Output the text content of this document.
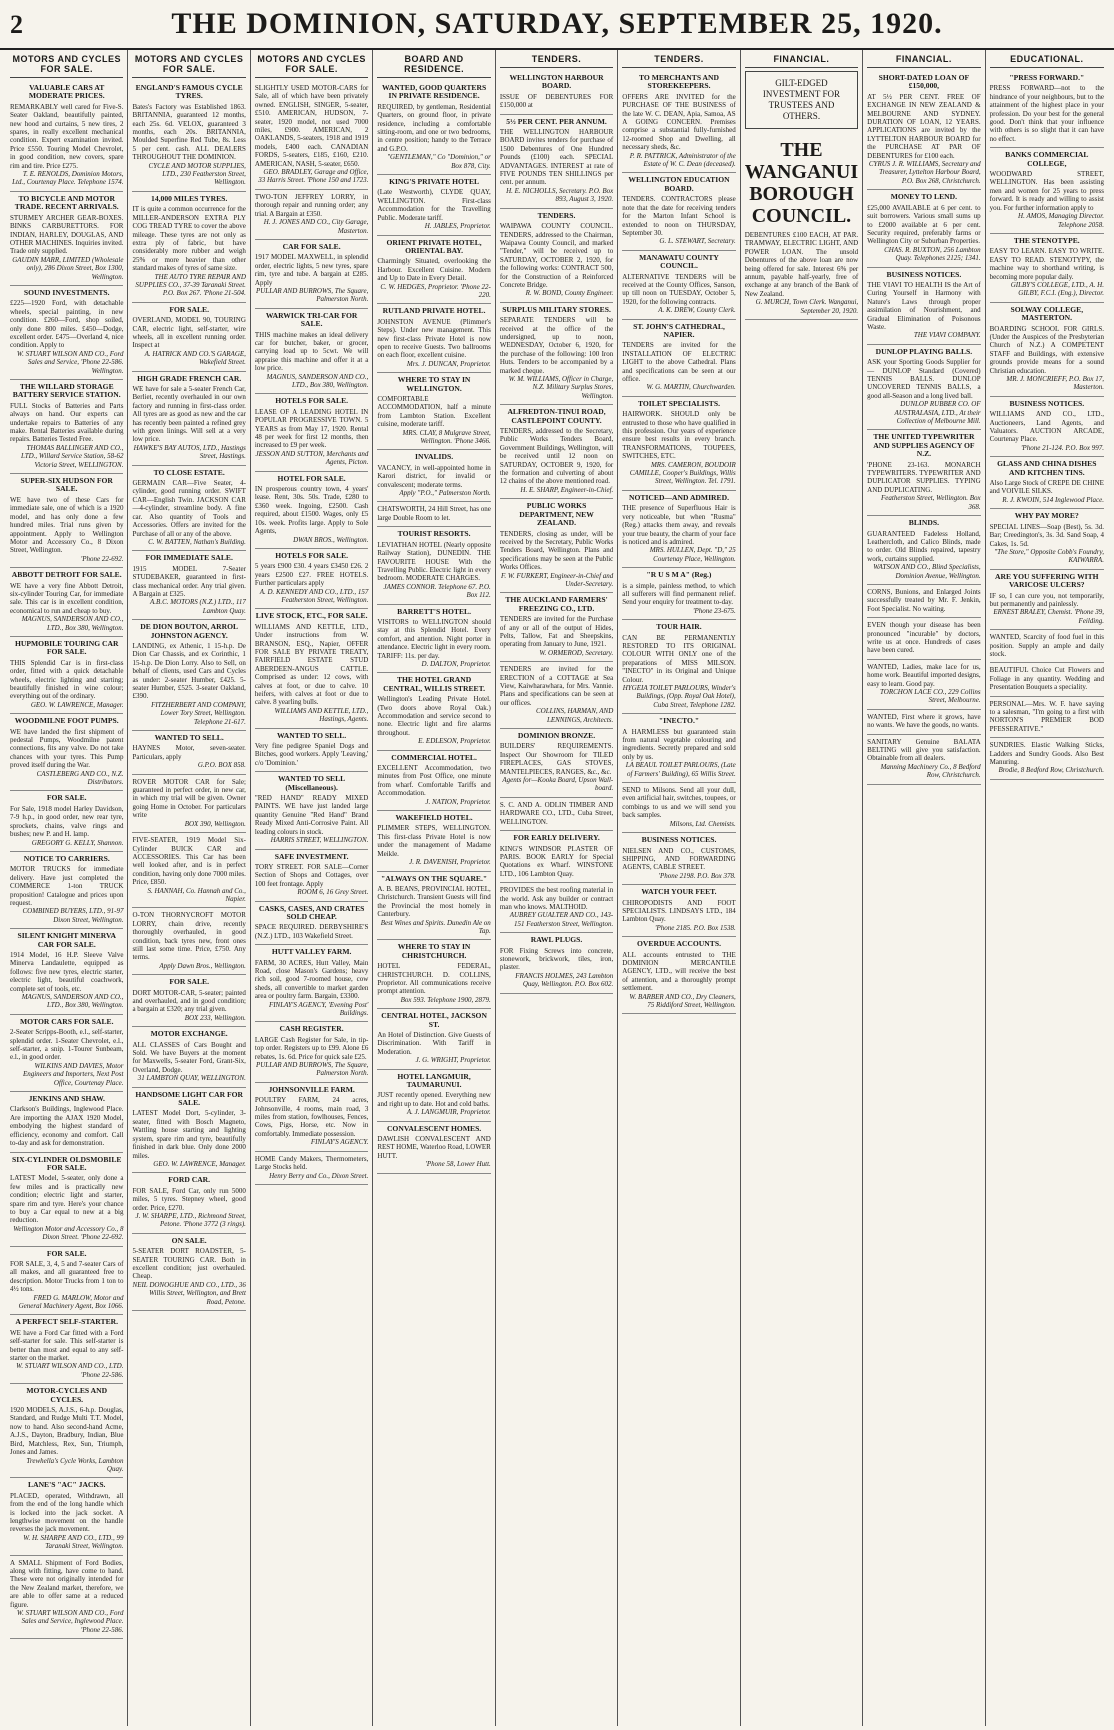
2	THE DOMINION, SATURDAY, SEPTEMBER 25, 1920.
MOTORS AND CYCLES FOR SALE.
VALUABLE CARS AT MODERATE PRICES.
REMARKABLY well cared for Five-S. Seater Oakland, beautifully painted, new hood and curtains, 5 new tires, 2 spares, in really excellent mechanical condition. Expert examination invited. Price £550. Touring Model Chevrolet, in good condition, new covers, spare rim and tire. Price £275.
T. E. RENOLDS, Dominion Motors, Ltd., Courtenay Place. Telephone 1574.
TO BICYCLE AND MOTOR TRADE. RECENT ARRIVALS.
STURMEY ARCHER GEAR-BOXES. BINKS CARBURETTORS. FOR INDIAN, HARLEY, DOUGLAS, AND OTHER MACHINES. Inquiries invited. Trade only supplied.
GAUDIN MARR, LIMITED (Wholesale only), 286 Dixon Street, Box 1300, Wellington.
SOUND INVESTMENTS.
£225—1920 Ford, with detachable wheels, special painting, in new condition. £260—Ford, shop soiled, only done 800 miles. £450—Dodge, excellent order. £475—Overland 4, nice condition. Apply to
W. STUART WILSON AND CO., Ford Sales and Service, 'Phone 22-586. Wellington.
THE WILLARD STORAGE BATTERY SERVICE STATION.
FULL Stocks of Batteries and Parts always on hand. Our experts can undertake repairs to Batteries of any make. Rental Batteries available during repairs. Batteries Tested Free.
THOMAS BALLINGER AND CO., LTD., Willard Service Station, 58-62 Victoria Street, WELLINGTON.
SUPER-SIX HUDSON FOR SALE.
WE have two of these Cars for immediate sale, one of which is a 1920 model, and has only done a few hundred miles. Trial runs given by appointment. Apply to Wellington Motor and Accessory Co., 8 Dixon Street, Wellington.
'Phone 22-692.
ABBOTT DETROIT FOR SALE.
WE have a very fine Abbott Detroit, six-cylinder Touring Car, for immediate sale. This car is in excellent condition, economical to run and cheap to buy.
MAGNUS, SANDERSON AND CO., LTD., Box 380, Wellington.
HUPMOBILE TOURING CAR FOR SALE.
THIS Splendid Car is in first-class order, fitted with a quick detachable wheels, electric lighting and starting; beautifully finished in wine colour; everything out of the ordinary.
GEO. W. LAWRENCE, Manager.
WOODMILNE FOOT PUMPS.
WE have landed the first shipment of pedestal Pumps, Woodmilne patent connections, fits any valve. Do not take chances with your tyres. This Pump proved itself during the War.
CASTLEBERG AND CO., N.Z. Distributors.
FOR SALE.
For Sale, 1918 model Harley Davidson, 7-9 h.p., in good order, new rear tyre, sprockets, chains, valve rings and bushes; new P. and H. lamp.
GREGORY G. KELLY, Shannon.
NOTICE TO CARRIERS.
MOTOR TRUCKS for immediate delivery. Have just completed the COMMERCE 1-ton TRUCK proposition! Catalogue and prices upon request.
COMBINED BUYERS, LTD., 91-97 Dixon Street, Wellington.
SILENT KNIGHT MINERVA CAR FOR SALE.
1914 Model, 16 H.P. Sleeve Valve Minerva Landaulette, equipped as follows: five new tyres, electric starter, electric light, beautiful coachwork, complete set of tools, etc.
MAGNUS, SANDERSON AND CO., LTD., Box 380, Wellington.
MOTOR CARS FOR SALE.
2-Seater Scripps-Booth, e.l., self-starter, splendid order. 1-Seater Chevrolet, e.l., self-starter, a snip. 1-Tourer Sunbeam, e.l., in good order.
WILKINS AND DAVIES, Motor Engineers and Importers, Next Post Office, Courtenay Place.
JENKINS AND SHAW.
Clarkson's Buildings, Inglewood Place. Are importing the AJAX 1920 Model, embodying the highest standard of efficiency, economy and comfort. Call to-day and ask for demonstration.
SIX-CYLINDER OLDSMOBILE FOR SALE.
LATEST Model, 5-seater, only done a few miles and is practically new condition; electric light and starter, spare rim and tyre. Here's your chance to buy a Car equal to new at a big reduction.
Wellington Motor and Accessory Co., 8 Dixon Street. 'Phone 22-692.
FOR SALE.
FOR SALE, 3, 4, 5 and 7-seater Cars of all makes, and all guaranteed free to description. Motor Trucks from 1 ton to 4½ tons.
FRED G. MARLOW, Motor and General Machinery Agent, Box 1066.
A PERFECT SELF-STARTER.
WE have a Ford Car fitted with a Ford self-starter for sale. This self-starter is better than most and equal to any self-starter on the market.
W. STUART WILSON AND CO., LTD. 'Phone 22-586.
MOTOR-CYCLES AND CYCLES.
1920 MODELS, A.J.S., 6-h.p. Douglas, Standard, and Rudge Multi T.T. Model, now to hand. Also second-hand Acme, A.J.S., Dayton, Bradbury, Indian, Blue Bird, Matchless, Rex, Sun, Triumph, Jones and James.
Trewhella's Cycle Works, Lambton Quay.
LANE'S "AC" JACKS.
PLACED, operated, Withdrawn, all from the end of the long handle which is locked into the jack socket. A lengthwise movement on the handle reverses the jack movement.
W. H. SHARPE AND CO., LTD., 99 Taranaki Street, Wellington.
A SMALL Shipment of Ford Bodies, along with fitting, have come to hand. These were not originally intended for the New Zealand market, therefore, we are able to offer same at a reduced figure.
W. STUART WILSON AND CO., Ford Sales and Service, Inglewood Place. 'Phone 22-586.
MOTORS AND CYCLES FOR SALE.
ENGLAND'S FAMOUS CYCLE TYRES.
Bates's Factory was Established 1863. BRITANNIA, guaranteed 12 months, each 25s. 6d. VELOX, guaranteed 3 months, each 20s. BRITANNIA, Moulded Superfine Red Tube, 8s. Less 5 per cent. cash. ALL DEALERS THROUGHOUT THE DOMINION.
CYCLE AND MOTOR SUPPLIES, LTD., 230 Featherston Street, Wellington.
14,000 MILES TYRES.
IT is quite a common occurrence for the MILLER-ANDERSON EXTRA PLY COG TREAD TYRE to cover the above mileage. These tyres are not only as extra ply of fabric, but have considerably more rubber and weigh 25% or more heavier than other standard makes of tyres of same size.
THE AUTO TYRE REPAIR AND SUPPLIES CO., 37-39 Taranaki Street. P.O. Box 267. 'Phone 21-504.
FOR SALE.
OVERLAND, MODEL 90, TOURING CAR, electric light, self-starter, wire wheels, all in excellent running order. Inspect at
A. HATRICK AND CO.'S GARAGE, Wakefield Street.
HIGH GRADE FRENCH CAR.
WE have for sale a 5-seater French Car, Berliet, recently overhauled in our own factory and running in first-class order. All tyres are as good as new and the car has recently been painted a refined grey with green linings. Will sell at a very low price.
HAWKE'S BAY AUTOS, LTD., Hastings Street, Hastings.
TO CLOSE ESTATE.
GERMAIN CAR—Five Seater, 4-cylinder, good running order. SWIFT CAR—English Twin. JACKSON CAR—4-cylinder, streamline body. A fine car. Also quantity of Tools and Accessories. Offers are invited for the Purchase of all or any of the above.
C. W. BATTEN, Nathan's Building.
FOR IMMEDIATE SALE.
1915 MODEL 7-Seater STUDEBAKER, guaranteed in first-class mechanical order. Any trial given. A Bargain at £325.
A.B.C. MOTORS (N.Z.) LTD., 117 Lambton Quay.
DE DION BOUTON, ARROL JOHNSTON AGENCY.
LANDING, ex Athenic, 1 15-h.p. De Dion Car Chassis, and ex Corinthic, 1 15-h.p. De Dion Lorry. Also to Sell, on behalf of clients, used Cars and Cycles as under: 2-seater Humber, £425. 5-seater Humber, £525. 3-seater Oakland, £390.
FITZHERBERT AND COMPANY, Lower Tory Street, Wellington. Telephone 21-617.
WANTED TO SELL.
HAYNES Motor, seven-seater. Particulars, apply
G.P.O. BOX 858.
ROVER MOTOR CAR for Sale; guaranteed in perfect order, in new car, in which my trial will be given. Owner going Home in October. For particulars write
BOX 390, Wellington.
FIVE-SEATER, 1919 Model Six-Cylinder BUICK CAR and ACCESSORIES. This Car has been well looked after, and is in perfect condition, having only done 7000 miles. Price, £850.
S. HANNAH, Co. Hannah and Co., Napier.
O-TON THORNYCROFT MOTOR LORRY, chain drive, recently thoroughly overhauled, in good condition, back tyres new, front ones still last some time. Price, £750. Any terms.
Apply Dawn Bros., Wellington.
FOR SALE.
DORT MOTOR-CAR, 5-seater; painted and overhauled, and in good condition; a bargain at £320; any trial given.
BOX 233, Wellington.
MOTOR EXCHANGE.
ALL CLASSES of Cars Bought and Sold. We have Buyers at the moment for Maxwells, 5-seater Ford, Grant-Six, Overland, Dodge.
31 LAMBTON QUAY, WELLINGTON.
HANDSOME LIGHT CAR FOR SALE.
LATEST Model Dort, 5-cylinder, 3-seater, fitted with Bosch Magneto, Wattling house starting and lighting system, spare rim and tyre, beautifully finished in dark blue. Only done 2000 miles.
GEO. W. LAWRENCE, Manager.
FORD CAR.
FOR SALE, Ford Car, only run 5000 miles, 5 tyres. Stepney wheel, good order. Price, £270.
J. W. SHARPE, LTD., Richmond Street, Petone. 'Phone 3772 (3 rings).
ON SALE.
5-SEATER DORT ROADSTER, 5-SEATER TOURING CAR. Both in excellent condition; just overhauled. Cheap.
NEIL DONOGHUE AND CO., LTD., 36 Willis Street, Wellington, and Brett Road, Petone.
MOTORS AND CYCLES FOR SALE.
SLIGHTLY USED MOTOR-CARS for Sale, all of which have been privately owned. ENGLISH, SINGER, 5-seater, £510. AMERICAN, HUDSON, 7-seater, 1920 model, not used 7000 miles, £900. AMERICAN, 2 OAKLANDS, 5-seaters, 1918 and 1919 models, £400 each. CANADIAN FORDS, 5-seaters, £185, £160, £210. AMERICAN, NASH, 5-seater, £650.
GEO. BRADLEY, Garage and Office, 33 Harris Street. 'Phone 150 and 1723.
TWO-TON JEFFREY LORRY, in thorough repair and running order; any trial. A Bargain at £350.
H. J. JONES AND CO., City Garage, Masterton.
CAR FOR SALE.
1917 MODEL MAXWELL, in splendid order, electric lights, 5 new tyres, spare rim, tyre and tube. A bargain at £285. Apply
PULLAR AND BURROWS, The Square, Palmerston North.
WARWICK TRI-CAR FOR SALE.
THIS machine makes an ideal delivery car for butcher, baker, or grocer, carrying load up to 5cwt. We will appraise this machine and offer it at a low price.
MAGNUS, SANDERSON AND CO., LTD., Box 380, Wellington.
HOTELS FOR SALE.
LEASE OF A LEADING HOTEL IN POPULAR PROGRESSIVE TOWN. 5 YEARS as from May 17, 1920. Rental 48 per week for first 12 months, then increased to £9 per week.
JESSON AND SUTTON, Merchants and Agents, Picton.
HOTEL FOR SALE.
IN prosperous country town, 4 years' lease. Rent, 30s. 50s. Trade, £280 to £360 week. Ingoing, £2500. Cash required, about £1500. Wages, only £5 10s. week. Profits large. Apply to Sole Agents,
DWAN BROS., Wellington.
HOTELS FOR SALE.
5 years £900 £30. 4 years £3450 £26. 2 years £2500 £27. FREE HOTELS. Further particulars apply
A. D. KENNEDY AND CO., LTD., 157 Featherston Street, Wellington.
LIVE STOCK, ETC., FOR SALE.
WILLIAMS AND KETTLE, LTD., Under instructions from W. BRANSON, ESQ., Napier, OFFER FOR SALE BY PRIVATE TREATY, FAIRFIELD ESTATE STUD ABERDEEN-ANGUS CATTLE. Comprised as under: 12 cows, with calves at foot, or due to calve. 10 heifers, with calves at foot or due to calve. 8 yearling bulls.
WILLIAMS AND KETTLE, LTD., Hastings, Agents.
WANTED TO SELL.
Very fine pedigree Spaniel Dogs and Bitches, good workers. Apply 'Leaving,' c/o 'Dominion.'
WANTED TO SELL (Miscellaneous).
"RED HAND" READY MIXED PAINTS. WE have just landed large quantity Genuine "Red Hand" Brand Ready Mixed Anti-Corrosive Paint. All leading colours in stock.
HARRIS STREET, WELLINGTON.
SAFE INVESTMENT.
TORY STREET. FOR SALE—Corner Section of Shops and Cottages, over 100 feet frontage. Apply
ROOM 6, 16 Grey Street.
CASKS, CASES, AND CRATES SOLD CHEAP.
SPACE REQUIRED. DERBYSHIRE'S (N.Z.) LTD., 103 Wakefield Street.
HUTT VALLEY FARM.
FARM, 30 ACRES, Hutt Valley, Main Road, close Mason's Gardens; heavy rich soil, good 7-roomed house, cow sheds, all convertible to market garden area or poultry farm. Bargain, £3300.
FINLAY'S AGENCY, 'Evening Post' Buildings.
CASH REGISTER.
LARGE Cash Register for Sale, in tip-top order. Registers up to £99. Alone £6 rebates, 1s. 6d. Price for quick sale £25.
PULLAR AND BURROWS, The Square, Palmerston North.
JOHNSONVILLE FARM.
POULTRY FARM, 24 acres, Johnsonville, 4 rooms, main road, 3 miles from station, fowlhouses, Fences, Cows, Pigs, Horse, etc. Now in comfortably. Immediate possession.
FINLAY'S AGENCY.
HOME Candy Makers, Thermometers, Large Stocks held.
Henry Berry and Co., Dixon Street.
BOARD AND RESIDENCE.
WANTED, GOOD QUARTERS IN PRIVATE RESIDENCE.
REQUIRED, by gentleman, Residential Quarters, on ground floor, in private residence, including a comfortable sitting-room, and one or two bedrooms, in centre position; handy to the Terrace and G.P.O.
"GENTLEMAN," Co "Dominion," or Box 878, City.
KING'S PRIVATE HOTEL
(Late Westworth), CLYDE QUAY, WELLINGTON. First-class Accommodation for the Travelling Public. Moderate tariff.
H. JABLES, Proprietor.
ORIENT PRIVATE HOTEL, ORIENTAL BAY.
Charmingly Situated, overlooking the Harbour. Excellent Cuisine. Modern and Up to Date in Every Detail.
C. W. HEDGES, Proprietor. 'Phone 22-220.
RUTLAND PRIVATE HOTEL.
JOHNSTON AVENUE (Plimmer's Steps). Under new management. This new first-class Private Hotel is now open to receive Guests. Two ballrooms on each floor, excellent cuisine.
Mrs. J. DUNCAN, Proprietor.
WHERE TO STAY IN WELLINGTON.
COMFORTABLE ACCOMMODATION, half a minute from Lambton Station. Excellent cuisine, moderate tariff.
MRS. CLAY, 8 Mulgrave Street, Wellington. 'Phone 3466.
INVALIDS.
VACANCY, in well-appointed home in Karori district, for invalid or convalescent; moderate terms.
Apply "P.O.," Palmerston North.
CHATSWORTH, 24 Hill Street, has one large Double Room to let.
TOURIST RESORTS.
LEVIATHAN HOTEL (Nearly opposite Railway Station), DUNEDIN. THE FAVOURITE HOUSE With the Travelling Public. Electric light in every bedroom. MODERATE CHARGES.
JAMES CONNOR. Telephone 67. P.O. Box 112.
BARRETT'S HOTEL.
VISITORS to WELLINGTON should stay at this Splendid Hotel. Every comfort, and attention. Night porter in attendance. Electric light in every room. TARIFF: 11s. per day.
D. DALTON, Proprietor.
THE HOTEL GRAND CENTRAL, WILLIS STREET.
Wellington's Leading Private Hotel. (Two doors above Royal Oak.) Accommodation and service second to none. Electric light and fire alarms throughout.
E. EDLESON, Proprietor.
COMMERCIAL HOTEL.
EXCELLENT Accommodation, two minutes from Post Office, one minute from wharf. Comfortable Tariffs and Accommodation.
J. NATION, Proprietor.
WAKEFIELD HOTEL.
PLIMMER STEPS, WELLINGTON. This first-class Private Hotel is now under the management of Madame Meikle.
J. R. DAVENISH, Proprietor.
"ALWAYS ON THE SQUARE."
A. B. BEANS, PROVINCIAL HOTEL, Christchurch. Transient Guests will find the Provincial the most homely in Canterbury.
Best Wines and Spirits. Dunedin Ale on Tap.
WHERE TO STAY IN CHRISTCHURCH.
HOTEL FEDERAL, CHRISTCHURCH. D. COLLINS, Proprietor. All communications receive prompt attention.
Box 593. Telephone 1900, 2879.
CENTRAL HOTEL, JACKSON ST.
An Hotel of Distinction. Give Guests of Discrimination. With Tariff in Moderation.
J. G. WRIGHT, Proprietor.
HOTEL LANGMUIR, TAUMARUNUI.
JUST recently opened. Everything new and right up to date. Hot and cold baths.
A. J. LANGMUIR, Proprietor.
CONVALESCENT HOMES.
DAWLISH CONVALESCENT AND REST HOME, Waterloo Road, LOWER HUTT.
'Phone 58, Lower Hutt.
TENDERS.
WELLINGTON HARBOUR BOARD.
ISSUE OF DEBENTURES FOR £150,000 at
5½ PER CENT. PER ANNUM.
THE WELLINGTON HARBOUR BOARD invites tenders for purchase of 1500 Debentures of One Hundred Pounds (£100) each. SPECIAL ADVANTAGES. INTEREST at rate of FIVE POUNDS TEN SHILLINGS per cent. per annum.
H. E. NICHOLLS, Secretary. P.O. Box 893, August 3, 1920.
TENDERS.
WAIPAWA COUNTY COUNCIL. TENDERS, addressed to the Chairman, Waipawa County Council, and marked "Tender," will be received up to SATURDAY, OCTOBER 2, 1920, for the following works: CONTRACT 500, for the Construction of a Reinforced Concrete Bridge.
R. W. BOND, County Engineer.
SURPLUS MILITARY STORES.
SEPARATE TENDERS will be received at the office of the undersigned, up to noon, WEDNESDAY, October 6, 1920, for the purchase of the following: 100 Iron Huts. Tenders to be accompanied by a marked cheque.
W. M. WILLIAMS, Officer in Charge, N.Z. Military Surplus Stores, Wellington.
ALFREDTON-TINUI ROAD, CASTLEPOINT COUNTY.
TENDERS, addressed to the Secretary, Public Works Tenders Board, Government Buildings, Wellington, will be received until 12 noon on SATURDAY, OCTOBER 9, 1920, for the formation and culverting of about 12 chains of the above mentioned road.
H. E. SHARP, Engineer-in-Chief.
PUBLIC WORKS DEPARTMENT, NEW ZEALAND.
TENDERS, closing as under, will be received by the Secretary, Public Works Tenders Board, Wellington. Plans and specifications may be seen at the Public Works Offices.
F. W. FURKERT, Engineer-in-Chief and Under-Secretary.
THE AUCKLAND FARMERS' FREEZING CO., LTD.
TENDERS are invited for the Purchase of any or all of the output of Hides, Pelts, Tallow, Fat and Sheepskins, operating from January to June, 1921.
W. ORMEROD, Secretary.
TENDERS are invited for the ERECTION of a COTTAGE at Sea View, Kaiwharawhara, for Mrs. Vannie. Plans and specifications can be seen at our offices.
COLLINS, HARMAN, AND LENNINGS, Architects.
DOMINION BRONZE.
BUILDERS' REQUIREMENTS. Inspect Our Showroom for TILED FIREPLACES, GAS STOVES, MANTELPIECES, RANGES, &c., &c.
Agents for—Kooka Board, Upson Wall-board.
S. C. AND A. ODLIN TIMBER AND HARDWARE CO., LTD., Cuba Street, WELLINGTON.
FOR EARLY DELIVERY.
KING'S WINDSOR PLASTER OF PARIS. BOOK EARLY for Special Quotations ex Wharf. WINSTONE LTD., 106 Lambton Quay.
PROVIDES the best roofing material in the world. Ask any builder or contract man who knows. MALTHOID.
AUBREY GUALTER AND CO., 143-151 Featherston Street, Wellington.
RAWL PLUGS.
FOR Fixing Screws into concrete, stonework, brickwork, tiles, iron, plaster.
FRANCIS HOLMES, 243 Lambton Quay, Wellington. P.O. Box 602.
TENDERS.
TO MERCHANTS AND STOREKEEPERS.
OFFERS ARE INVITED for the PURCHASE OF THE BUSINESS of the late W. C. DEAN, Apia, Samoa, AS A GOING CONCERN. Premises comprise a substantial fully-furnished 12-roomed Shop and Dwelling, all necessary sheds, &c.
P. R. PATTRICK, Administrator of the Estate of W. C. Dean (deceased).
WELLINGTON EDUCATION BOARD.
TENDERS. CONTRACTORS please note that the date for receiving tenders for the Marton Infant School is extended to noon on THURSDAY, September 30.
G. L. STEWART, Secretary.
MANAWATU COUNTY COUNCIL.
ALTERNATIVE TENDERS will be received at the County Offices, Sanson, up till noon on TUESDAY, October 5, 1920, for the following contracts.
A. K. DREW, County Clerk.
ST. JOHN'S CATHEDRAL, NAPIER.
TENDERS are invited for the INSTALLATION OF ELECTRIC LIGHT to the above Cathedral. Plans and specifications can be seen at our office.
W. G. MARTIN, Churchwarden.
TOILET SPECIALISTS.
HAIRWORK. SHOULD only be entrusted to those who have qualified in this profession. Our years of experience ensure best results in every branch. TRANSFORMATIONS, TOUPEES, SWITCHES, ETC.
MRS. CAMERON, BOUDOIR CAMILLE, Cooper's Buildings, Willis Street, Wellington. Tel. 1791.
NOTICED—AND ADMIRED.
THE presence of Superfluous Hair is very noticeable, but when "Rusma" (Reg.) attacks them away, and reveals your true beauty, the charm of your face is noticed and is admired.
MRS. HULLEN, Dept. "D," 25 Courtenay Place, Wellington.
"R U S M A" (Reg.)
is a simple, painless method, to which all sufferers will find permanent relief. Send your enquiry for treatment to-day.
'Phone 23-675.
TOUR HAIR.
CAN BE PERMANENTLY RESTORED TO ITS ORIGINAL COLOUR WITH ONLY one of the preparations of MISS MILSON. "INECTO" in its Original and Unique Colour.
HYGEIA TOILET PARLOURS, Winder's Buildings, (Opp. Royal Oak Hotel), Cuba Street, Telephone 1282.
"INECTO."
A HARMLESS but guaranteed stain from natural vegetable colouring and ingredients. Secretly prepared and sold only by us.
LA BEAUL TOILET PARLOURS, (Late of Farmers' Building), 65 Willis Street.
SEND to Milsons. Send all your dull, even artificial hair, switches, toupees, or combings to us and we will send you back samples.
Milsons, Ltd. Chemists.
BUSINESS NOTICES.
NIELSEN AND CO., CUSTOMS, SHIPPING, AND FORWARDING AGENTS, CABLE STREET.
'Phone 2198. P.O. Box 378.
WATCH YOUR FEET.
CHIROPODISTS AND FOOT SPECIALISTS. LINDSAYS LTD., 184 Lambton Quay.
'Phone 2185. P.O. Box 1538.
OVERDUE ACCOUNTS.
ALL accounts entrusted to THE DOMINION MERCANTILE AGENCY, LTD., will receive the best of attention, and a thoroughly prompt settlement.
W. BARBER AND CO., Dry Cleaners, 75 Riddiford Street, Wellington.
FINANCIAL.
GILT-EDGED INVESTMENT FOR TRUSTEES AND OTHERS.
THE WANGANUI BOROUGH COUNCIL.
DEBENTURES £100 EACH, AT PAR. TRAMWAY, ELECTRIC LIGHT, AND POWER LOAN. The unsold Debentures of the above loan are now being offered for sale. Interest 6% per annum, payable half-yearly, free of exchange at any branch of the Bank of New Zealand.
G. MURCH, Town Clerk. Wanganui, September 20, 1920.
FINANCIAL.
SHORT-DATED LOAN OF £150,000,
AT 5½ PER CENT. FREE OF EXCHANGE IN NEW ZEALAND & MELBOURNE AND SYDNEY. DURATION OF LOAN, 12 YEARS. APPLICATIONS are invited by the LYTTELTON HARBOUR BOARD for the PURCHASE AT PAR OF DEBENTURES for £100 each.
CYRUS J. R. WILLIAMS, Secretary and Treasurer, Lyttelton Harbour Board, P.O. Box 268, Christchurch.
MONEY TO LEND.
£25,000 AVAILABLE at 6 per cent. to suit borrowers. Various small sums up to £2000 available at 6 per cent. Security required, preferably farms or Wellington City or Suburban Properties.
CHAS. R. BUXTON, 256 Lambton Quay. Telephones 2125; 1341.
BUSINESS NOTICES.
THE VIAVI TO HEALTH IS the Art of Curing Yourself in Harmony with Nature's Laws through proper assimilation of Nourishment, and Gradual Elimination of Poisonous Waste.
THE VIAVI COMPANY.
DUNLOP PLAYING BALLS.
ASK your Sporting Goods Supplier for— DUNLOP Standard (Covered) TENNIS BALLS. DUNLOP UNCOVERED TENNIS BALLS, a good all-Season and a long lived ball.
DUNLOP RUBBER CO. OF AUSTRALASIA, LTD., At their Collection of Melbourne Mill.
THE UNITED TYPEWRITER AND SUPPLIES AGENCY OF N.Z.
'PHONE 23-163. MONARCH TYPEWRITERS. TYPEWRITER AND DUPLICATOR SUPPLIES. TYPING AND DUPLICATING.
Featherston Street, Wellington. Box 368.
BLINDS.
GUARANTEED Fadeless Holland, Leathercloth, and Calico Blinds, made to order. Old Blinds repaired, tapestry work, curtains supplied.
WATSON AND CO., Blind Specialists, Dominion Avenue, Wellington.
CORNS, Bunions, and Enlarged Joints successfully treated by Mr. F. Jenkin, Foot Specialist. No waiting.
EVEN though your disease has been pronounced "incurable" by doctors, write us at once. Hundreds of cases have been cured.
WANTED, Ladies, make lace for us, home work. Beautiful imported designs, easy to learn. Good pay.
TORCHON LACE CO., 229 Collins Street, Melbourne.
WANTED, First where it grows, have no wants. We have the goods, no wants.
SANITARY Genuine BALATA BELTING will give you satisfaction. Obtainable from all dealers.
Manning Machinery Co., 8 Bedford Row, Christchurch.
EDUCATIONAL.
"PRESS FORWARD."
PRESS FORWARD—not to the hindrance of your neighbours, but to the attainment of the highest place in your profession. Do your best for the general good. Don't think that your influence with others is so slight that it can have no effect.
BANKS COMMERCIAL COLLEGE,
WOODWARD STREET, WELLINGTON. Has been assisting men and women for 25 years to press forward. It is ready and willing to assist you. For further information apply to
H. AMOS, Managing Director. Telephone 2058.
THE STENOTYPE.
EASY TO LEARN. EASY TO WRITE. EASY TO READ. STENOTYPY, the machine way to shorthand writing, is becoming more popular daily.
GILBY'S COLLEGE, LTD., A. H. GILBY, F.C.I. (Eng.), Director.
SOLWAY COLLEGE, MASTERTON.
BOARDING SCHOOL FOR GIRLS. (Under the Auspices of the Presbyterian Church of N.Z.) A COMPETENT STAFF and Buildings, with extensive grounds provide means for a sound Christian education.
MR. J. MONCRIEFF, P.O. Box 17, Masterton.
BUSINESS NOTICES.
WILLIAMS AND CO., LTD., Auctioneers, Land Agents, and Valuators. AUCTION ARCADE, Courtenay Place.
'Phone 21-124. P.O. Box 997.
GLASS AND CHINA DISHES AND KITCHEN TINS.
Also Large Stock of CREPE DE CHINE and VOIVILE SILKS.
R. J. KWOIN, 514 Inglewood Place.
WHY PAY MORE?
SPECIAL LINES—Soap (Best), 5s. 3d. Bar; Creedington's, 3s. 3d. Sand Soap, 4 Cakes, 1s. 5d.
"The Store," Opposite Cobb's Foundry, KAIWARRA.
ARE YOU SUFFERING WITH VARICOSE ULCERS?
IF so, I can cure you, not temporarily, but permanently and painlessly.
ERNEST BRALEY, Chemist. 'Phone 39, Feilding.
WANTED, Scarcity of food fuel in this position. Supply an ample and daily stock.
BEAUTIFUL Choice Cut Flowers and Foliage in any quantity. Wedding and Presentation Bouquets a speciality.
PERSONAL—Mrs. W. F. have saying to a salesman, "I'm going to a first with NORTON'S PREMIER BOD PFESSERATIVE."
SUNDRIES. Elastic Walking Sticks, Ladders and Sundry Goods. Also Best Manuring.
Brodie, 8 Bedford Row, Christchurch.
